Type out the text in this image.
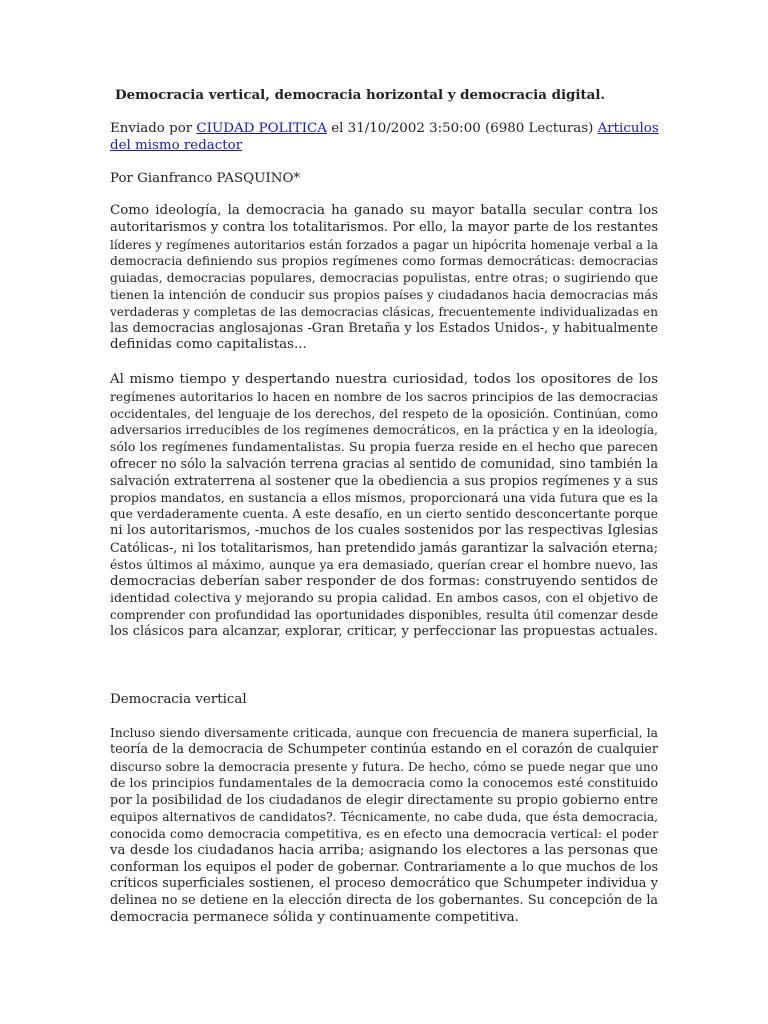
Democracia vertical, democracia horizontal y democracia digital.
Enviado por CIUDAD POLITICA el 31/10/2002 3:50:00 (6980 Lecturas) Articulos del mismo redactor
Por Gianfranco PASQUINO*
Como ideología, la democracia ha ganado su mayor batalla secular contra los
autoritarismos y contra los totalitarismos. Por ello, la mayor parte de los restantes
líderes y regímenes autoritarios están forzados a pagar un hipócrita homenaje verbal a la
democracia definiendo sus propios regímenes como formas democráticas: democracias
guiadas, democracias populares, democracias populistas, entre otras; o sugiriendo que
tienen la intención de conducir sus propios países y ciudadanos hacia democracias más
verdaderas y completas de las democracias clásicas, frecuentemente individualizadas en
las democracias anglosajonas -Gran Bretaña y los Estados Unidos-, y habitualmente
definidas como capitalistas...
Al mismo tiempo y despertando nuestra curiosidad, todos los opositores de los
regímenes autoritarios lo hacen en nombre de los sacros principios de las democracias
occidentales, del lenguaje de los derechos, del respeto de la oposición. Continúan, como
adversarios irreducibles de los regímenes democráticos, en la práctica y en la ideología,
sólo los regímenes fundamentalistas. Su propia fuerza reside en el hecho que parecen
ofrecer no sólo la salvación terrena gracias al sentido de comunidad, sino también la
salvación extraterrena al sostener que la obediencia a sus propios regímenes y a sus
propios mandatos, en sustancia a ellos mismos, proporcionará una vida futura que es la
que verdaderamente cuenta. A este desafío, en un cierto sentido desconcertante porque
ni los autoritarismos, -muchos de los cuales sostenidos por las respectivas Iglesias
Católicas-, ni los totalitarismos, han pretendido jamás garantizar la salvación eterna;
éstos últimos al máximo, aunque ya era demasiado, querían crear el hombre nuevo, las
democracias deberían saber responder de dos formas: construyendo sentidos de
identidad colectiva y mejorando su propia calidad. En ambos casos, con el objetivo de
comprender con profundidad las oportunidades disponibles, resulta útil comenzar desde
los clásicos para alcanzar, explorar, criticar, y perfeccionar las propuestas actuales.
Democracia vertical
Incluso siendo diversamente criticada, aunque con frecuencia de manera superficial, la
teoría de la democracia de Schumpeter continúa estando en el corazón de cualquier
discurso sobre la democracia presente y futura. De hecho, cómo se puede negar que uno
de los principios fundamentales de la democracia como la conocemos esté constituido
por la posibilidad de los ciudadanos de elegir directamente su propio gobierno entre
equipos alternativos de candidatos?. Técnicamente, no cabe duda, que ésta democracia,
conocida como democracia competitiva, es en efecto una democracia vertical: el poder
va desde los ciudadanos hacia arriba; asignando los electores a las personas que
conforman los equipos el poder de gobernar. Contrariamente a lo que muchos de los
críticos superficiales sostienen, el proceso democrático que Schumpeter individua y
delinea no se detiene en la elección directa de los gobernantes. Su concepción de la
democracia permanece sólida y continuamente competitiva.
